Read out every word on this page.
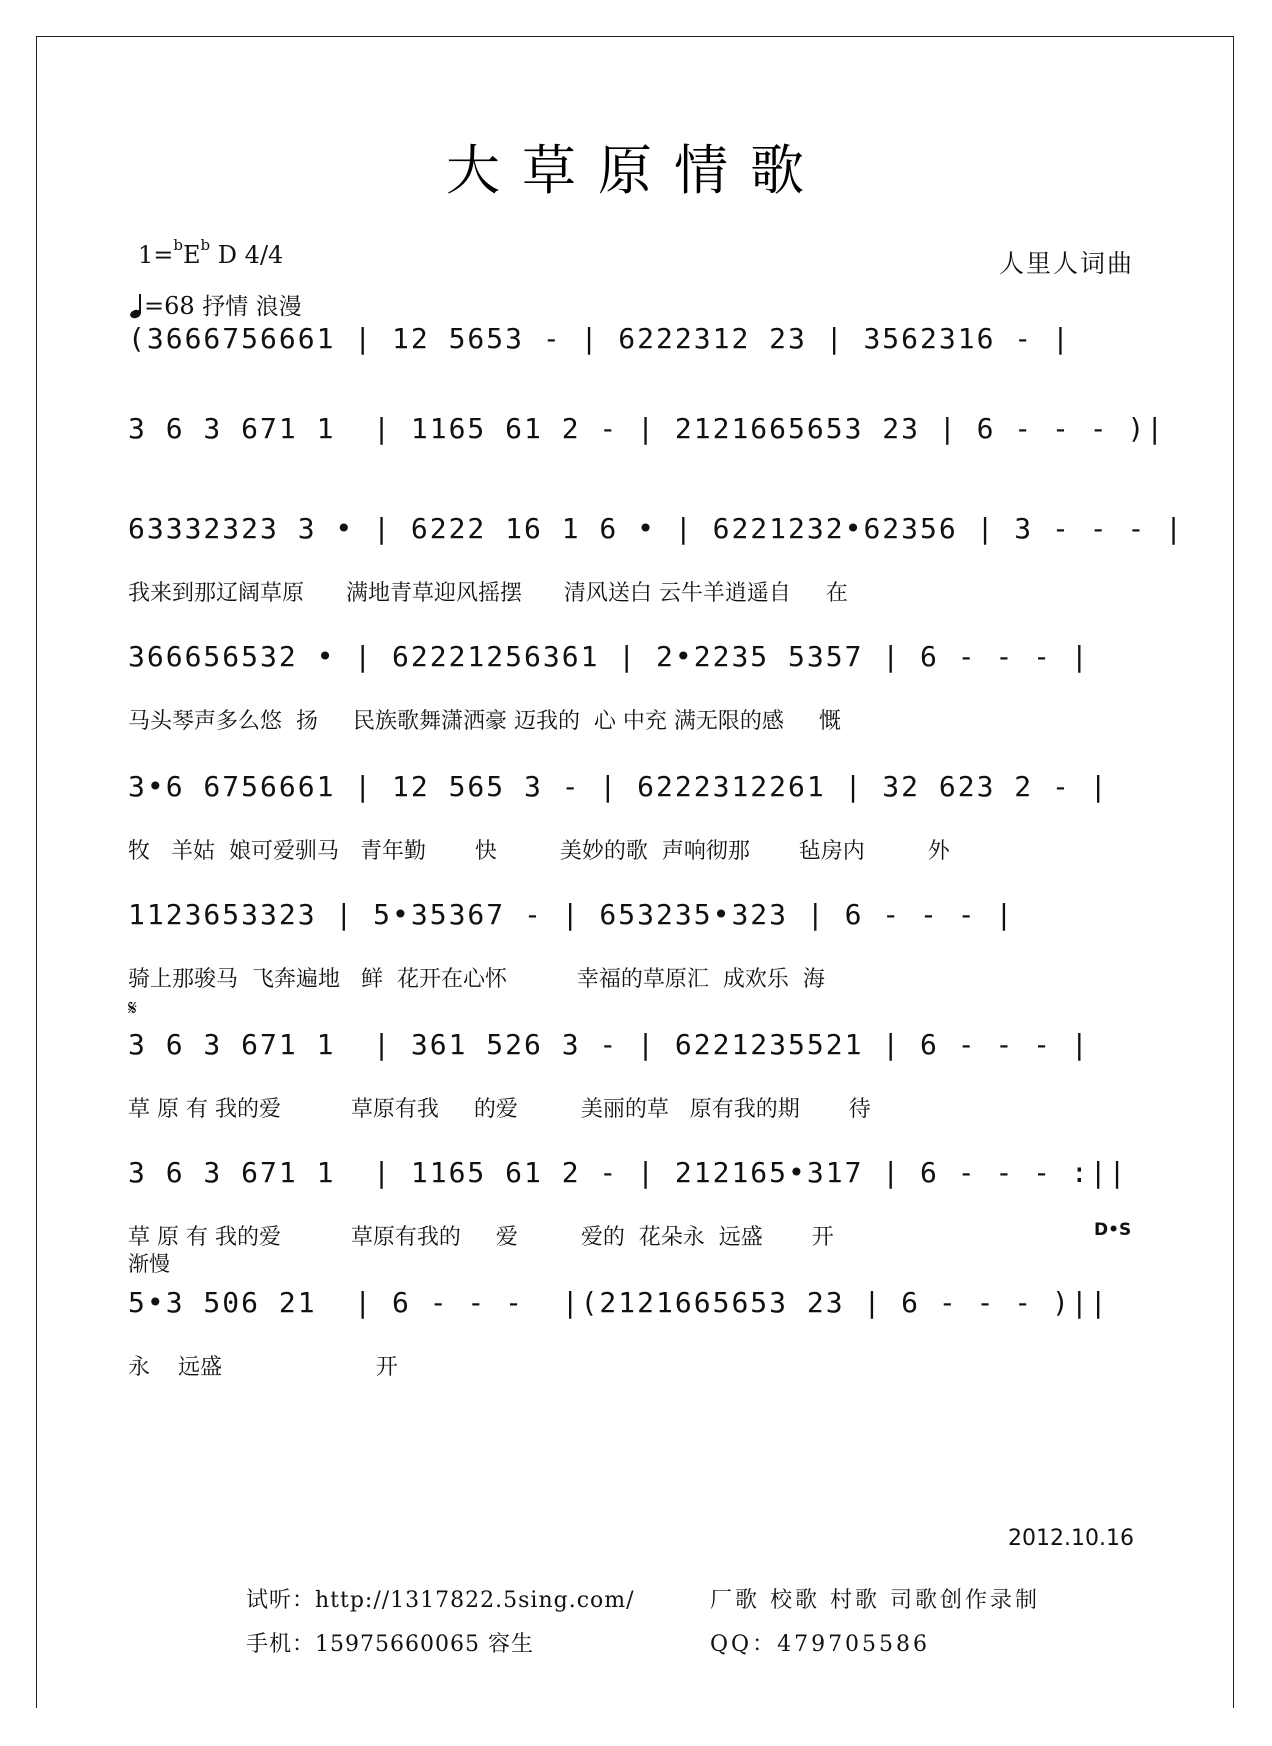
大草原情歌
$1=^bE^b$ D 4/4
=68 抒情 浪漫
人里人词曲
(3666756661 | 12 5653 - | 6222312 23 | 3562316 - |
3 6 3 671 1  | 1165 61 2 - | 2121665653 23 | 6 - - - )|
63332323 3 • | 6222 16 1 6 • | 6221232•62356 | 3 - - - |
我来到那辽阔草原      满地青草迎风摇摆      清风送白 云牛羊逍遥自     在
366656532 • | 62221256361 | 2•2235 5357 | 6 - - - |
马头琴声多么悠  扬     民族歌舞潇洒豪 迈我的  心 中充 满无限的感     慨
3•6 6756661 | 12 565 3 - | 6222312261 | 32 623 2 - |
牧   羊姑  娘可爱驯马   青年勤       快         美妙的歌  声响彻那       毡房内         外
1123653323 | 5•35367 - | 653235•323 | 6 - - - |
骑上那骏马  飞奔遍地   鲜  花开在心怀          幸福的草原汇  成欢乐  海
𝄋
3 6 3 671 1  | 361 526 3 - | 6221235521 | 6 - - - |
草 原 有 我的爱          草原有我     的爱         美丽的草   原有我的期       待
3 6 3 671 1  | 1165 61 2 - | 212165•317 | 6 - - - :||
草 原 有 我的爱          草原有我的     爱         爱的  花朵永  远盛       开	D•S
渐慢
5•3 506 21  | 6 - - -  |(2121665653 23 | 6 - - - )||
永    远盛                      开
2012.10.16
试听：http://1317822.5sing.com/	厂歌 校歌 村歌 司歌创作录制
手机：15975660065 容生	QQ：479705586
